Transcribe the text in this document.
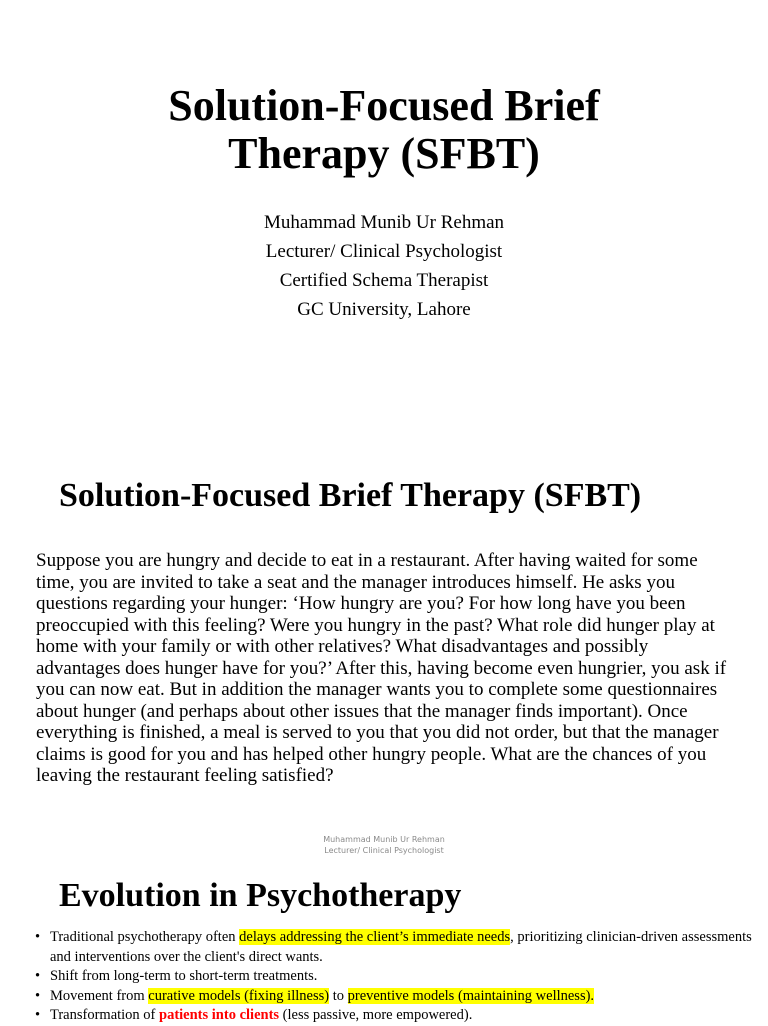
Solution-Focused Brief
Therapy (SFBT)
Muhammad Munib Ur Rehman
Lecturer/ Clinical Psychologist
Certified Schema Therapist
GC University, Lahore
Solution-Focused Brief Therapy (SFBT)
Suppose you are hungry and decide to eat in a restaurant. After having waited for some time, you are invited to take a seat and the manager introduces himself. He asks you questions regarding your hunger: ‘How hungry are you? For how long have you been preoccupied with this feeling? Were you hungry in the past? What role did hunger play at home with your family or with other relatives? What disadvantages and possibly advantages does hunger have for you?’ After this, having become even hungrier, you ask if you can now eat. But in addition the manager wants you to complete some questionnaires about hunger (and perhaps about other issues that the manager finds important). Once everything is finished, a meal is served to you that you did not order, but that the manager claims is good for you and has helped other hungry people. What are the chances of you leaving the restaurant feeling satisfied?
Muhammad Munib Ur Rehman
Lecturer/ Clinical Psychologist
Evolution in Psychotherapy
• Traditional psychotherapy often delays addressing the client’s immediate needs, prioritizing clinician-driven assessments and interventions over the client's direct wants.
• Shift from long-term to short-term treatments.
• Movement from curative models (fixing illness) to preventive models (maintaining wellness).
• Transformation of patients into clients (less passive, more empowered).
